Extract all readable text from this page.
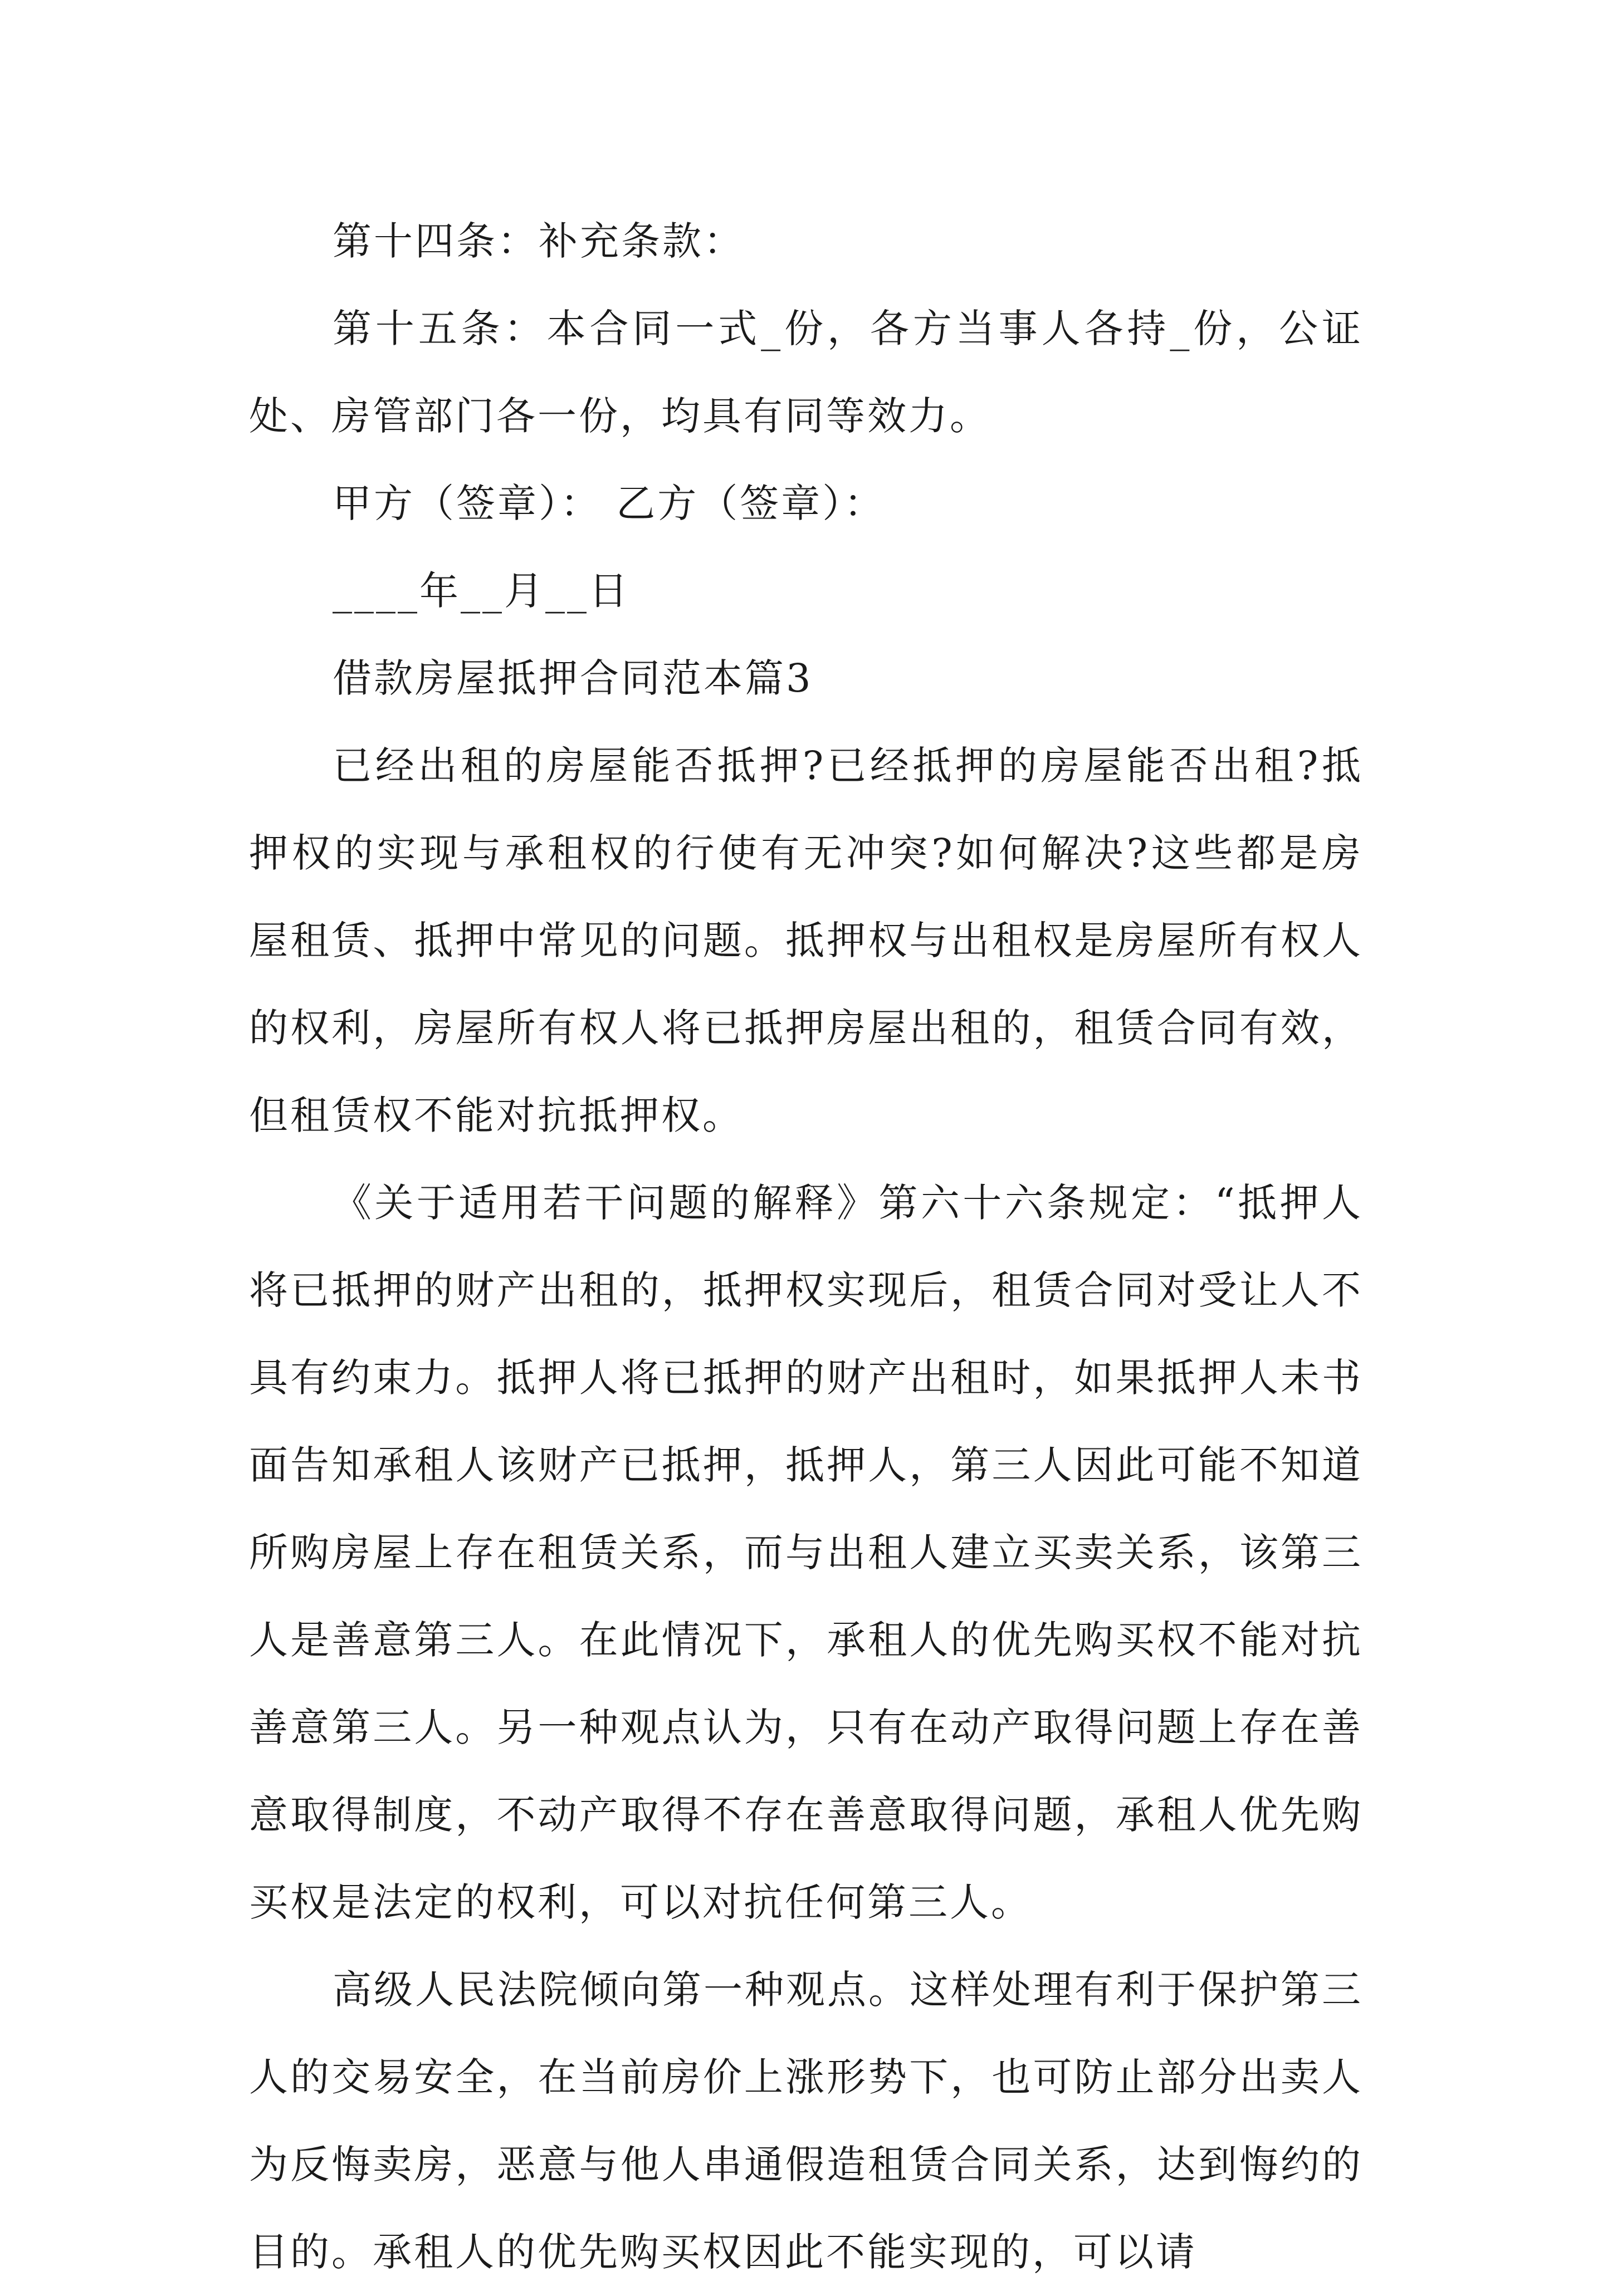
第十四条：补充条款：

第十五条：本合同一式_份，各方当事人各持_份，公证处、房管部门各一份，均具有同等效力。

甲方（签章）： 乙方（签章）：

____年__月__日

借款房屋抵押合同范本篇3

已经出租的房屋能否抵押?已经抵押的房屋能否出租?抵押权的实现与承租权的行使有无冲突?如何解决?这些都是房屋租赁、抵押中常见的问题。抵押权与出租权是房屋所有权人的权利，房屋所有权人将已抵押房屋出租的，租赁合同有效，但租赁权不能对抗抵押权。

《关于适用若干问题的解释》第六十六条规定：“抵押人将已抵押的财产出租的，抵押权实现后，租赁合同对受让人不具有约束力。抵押人将已抵押的财产出租时，如果抵押人未书面告知承租人该财产已抵押，抵押人，第三人因此可能不知道所购房屋上存在租赁关系，而与出租人建立买卖关系，该第三人是善意第三人。在此情况下，承租人的优先购买权不能对抗善意第三人。另一种观点认为，只有在动产取得问题上存在善意取得制度，不动产取得不存在善意取得问题，承租人优先购买权是法定的权利，可以对抗任何第三人。

高级人民法院倾向第一种观点。这样处理有利于保护第三人的交易安全，在当前房价上涨形势下，也可防止部分出卖人为反悔卖房，恶意与他人串通假造租赁合同关系，达到悔约的目的。承租人的优先购买权因此不能实现的，可以请
